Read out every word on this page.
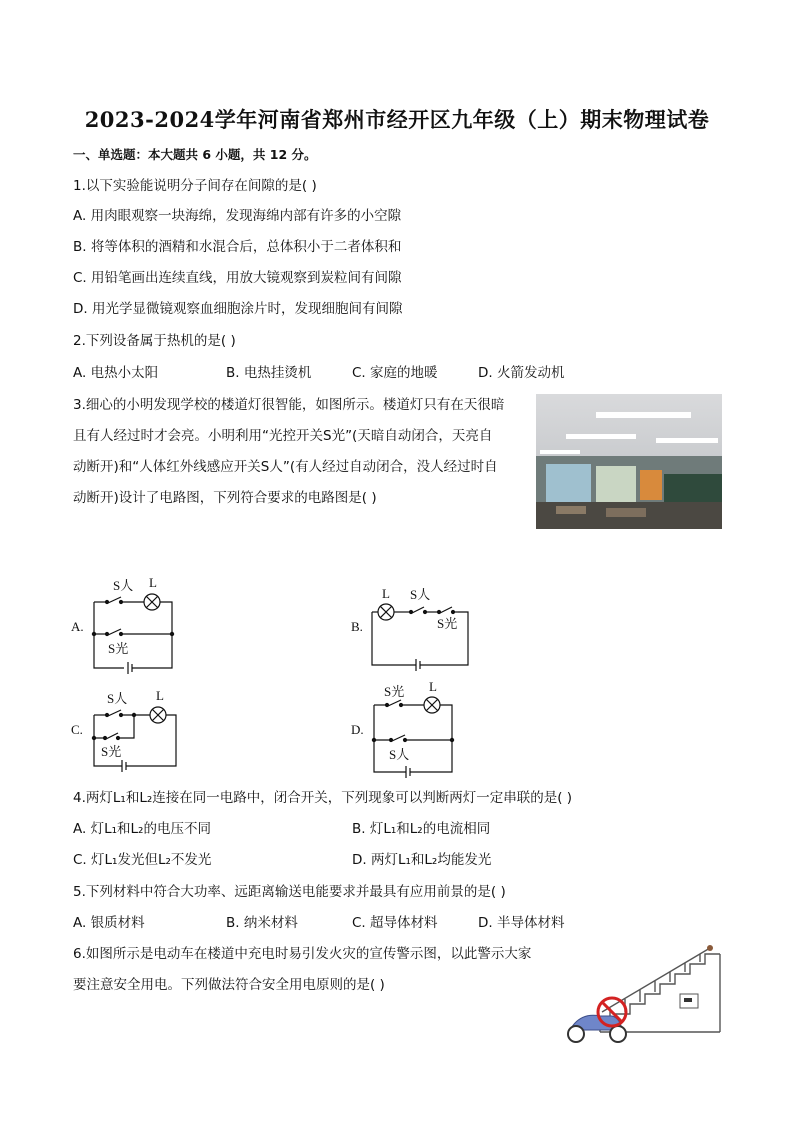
2023-2024学年河南省郑州市经开区九年级（上）期末物理试卷
一、单选题：本大题共 6 小题，共 12 分。
1.以下实验能说明分子间存在间隙的是( )
A. 用肉眼观察一块海绵，发现海绵内部有许多的小空隙
B. 将等体积的酒精和水混合后，总体积小于二者体积和
C. 用铅笔画出连续直线，用放大镜观察到炭粒间有间隙
D. 用光学显微镜观察血细胞涂片时，发现细胞间有间隙
2.下列设备属于热机的是( )
A. 电热小太阳	B. 电热挂烫机	C. 家庭的地暖	D. 火箭发动机
3.细心的小明发现学校的楼道灯很智能，如图所示。楼道灯只有在天很暗
且有人经过时才会亮。小明利用“光控开关S光”(天暗自动闭合，天亮自
动断开)和“人体红外线感应开关S人”(有人经过自动闭合，没人经过时自
动断开)设计了电路图，下列符合要求的电路图是( )
A.
S人 L
S光
B.
L S人
S光
C.
S人 L
S光
D.
S光 L
S人
4.两灯L₁和L₂连接在同一电路中，闭合开关，下列现象可以判断两灯一定串联的是( )
A. 灯L₁和L₂的电压不同	B. 灯L₁和L₂的电流相同
C. 灯L₁发光但L₂不发光	D. 两灯L₁和L₂均能发光
5.下列材料中符合大功率、远距离输送电能要求并最具有应用前景的是( )
A. 银质材料	B. 纳米材料	C. 超导体材料	D. 半导体材料
6.如图所示是电动车在楼道中充电时易引发火灾的宣传警示图，以此警示大家
要注意安全用电。下列做法符合安全用电原则的是( )
